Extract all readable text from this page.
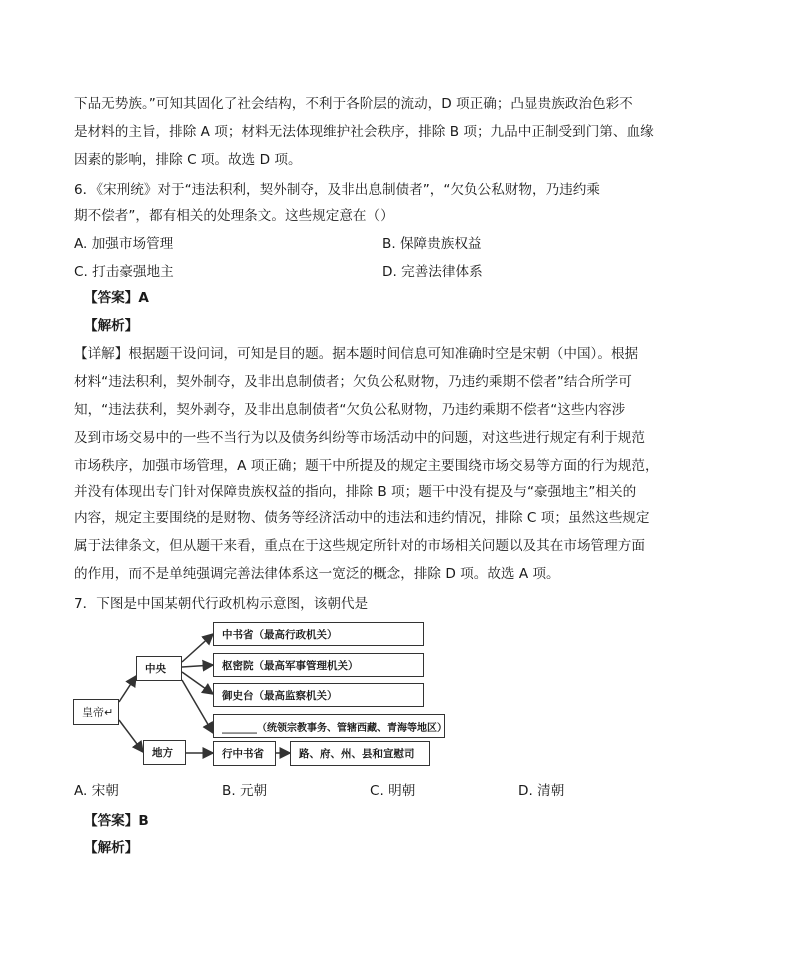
下品无势族。”可知其固化了社会结构，不利于各阶层的流动，D 项正确；凸显贵族政治色彩不
是材料的主旨，排除 A 项；材料无法体现维护社会秩序，排除 B 项；九品中正制受到门第、血缘
因素的影响，排除 C 项。故选 D 项。
6．《宋刑统》对于“违法积利，契外制夺，及非出息制债者”，“欠负公私财物，乃违约乘
期不偿者”，都有相关的处理条文。这些规定意在（）
A. 加强市场管理	B. 保障贵族权益
C. 打击豪强地主	D. 完善法律体系
【答案】A
【解析】
【详解】根据题干设问词，可知是目的题。据本题时间信息可知准确时空是宋朝（中国）。根据
材料“违法积利，契外制夺，及非出息制债者；欠负公私财物，乃违约乘期不偿者”结合所学可
知，“违法获利，契外剥夺，及非出息制债者“欠负公私财物，乃违约乘期不偿者“这些内容涉
及到市场交易中的一些不当行为以及债务纠纷等市场活动中的问题，对这些进行规定有利于规范
市场秩序，加强市场管理，A 项正确；题干中所提及的规定主要围绕市场交易等方面的行为规范，
并没有体现出专门针对保障贵族权益的指向，排除 B 项；题干中没有提及与“豪强地主”相关的
内容，规定主要围绕的是财物、债务等经济活动中的违法和违约情况，排除 C 项；虽然这些规定
属于法律条文，但从题干来看，重点在于这些规定所针对的市场相关问题以及其在市场管理方面
的作用，而不是单纯强调完善法律体系这一宽泛的概念，排除 D 项。故选 A 项。
7．下图是中国某朝代行政机构示意图，该朝代是
皇帝↵
中央
地方
中书省（最高行政机关）
枢密院（最高军事管理机关）
御史台（最高监察机关）
_______（统领宗教事务、管辖西藏、青海等地区）
行中书省	路、府、州、县和宣慰司
A. 宋朝	B. 元朝	C. 明朝	D. 清朝
【答案】B
【解析】
